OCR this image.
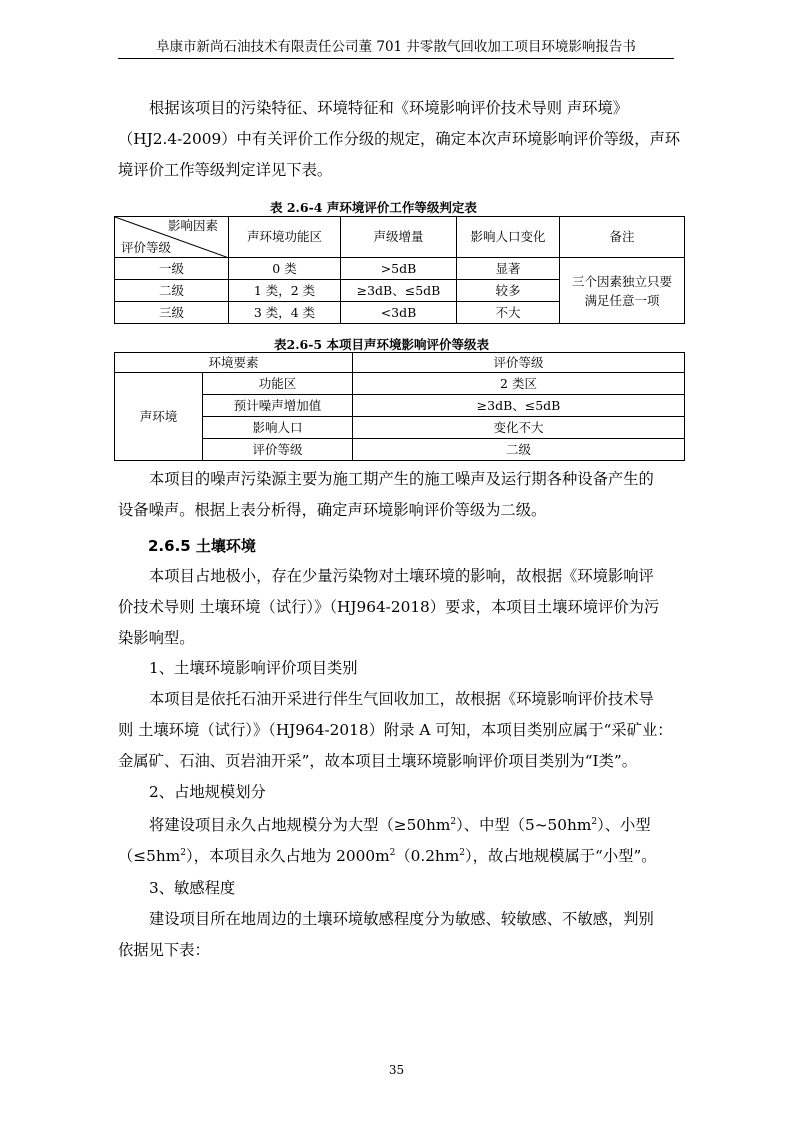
阜康市新尚石油技术有限责任公司董 701 井零散气回收加工项目环境影响报告书
根据该项目的污染特征、环境特征和《环境影响评价技术导则 声环境》
（HJ2.4-2009）中有关评价工作分级的规定，确定本次声环境影响评价等级，声环
境评价工作等级判定详见下表。
表 2.6-4 声环境评价工作等级判定表
影响因素
评价等级	声环境功能区	声级增量	影响人口变化	备注
一级	0 类	>5dB	显著	三个因素独立只要满足任意一项
二级	1 类，2 类	≥3dB、≤5dB	较多	
三级	3 类，4 类	<3dB	不大	
表2.6-5 本项目声环境影响评价等级表
环境要素		评价等级
声环境	功能区	2 类区
	预计噪声增加值	≥3dB、≤5dB
	影响人口	变化不大
	评价等级	二级
本项目的噪声污染源主要为施工期产生的施工噪声及运行期各种设备产生的
设备噪声。根据上表分析得，确定声环境影响评价等级为二级。
2.6.5 土壤环境
本项目占地极小，存在少量污染物对土壤环境的影响，故根据《环境影响评
价技术导则 土壤环境（试行）》（HJ964-2018）要求，本项目土壤环境评价为污
染影响型。
1、土壤环境影响评价项目类别
本项目是依托石油开采进行伴生气回收加工，故根据《环境影响评价技术导
则 土壤环境（试行）》（HJ964-2018）附录 A 可知，本项目类别应属于“采矿业：
金属矿、石油、页岩油开采”，故本项目土壤环境影响评价项目类别为“Ⅰ类”。
2、占地规模划分
将建设项目永久占地规模分为大型$(\ge 50hm^2)$、中型$(5\sim 50hm^2)$、小型
$(\le 5hm^2)$，本项目永久占地为 $2000m^2(0.2hm^2)$，故占地规模属于“小型”。
3、敏感程度
建设项目所在地周边的土壤环境敏感程度分为敏感、较敏感、不敏感，判别
依据见下表：
35
